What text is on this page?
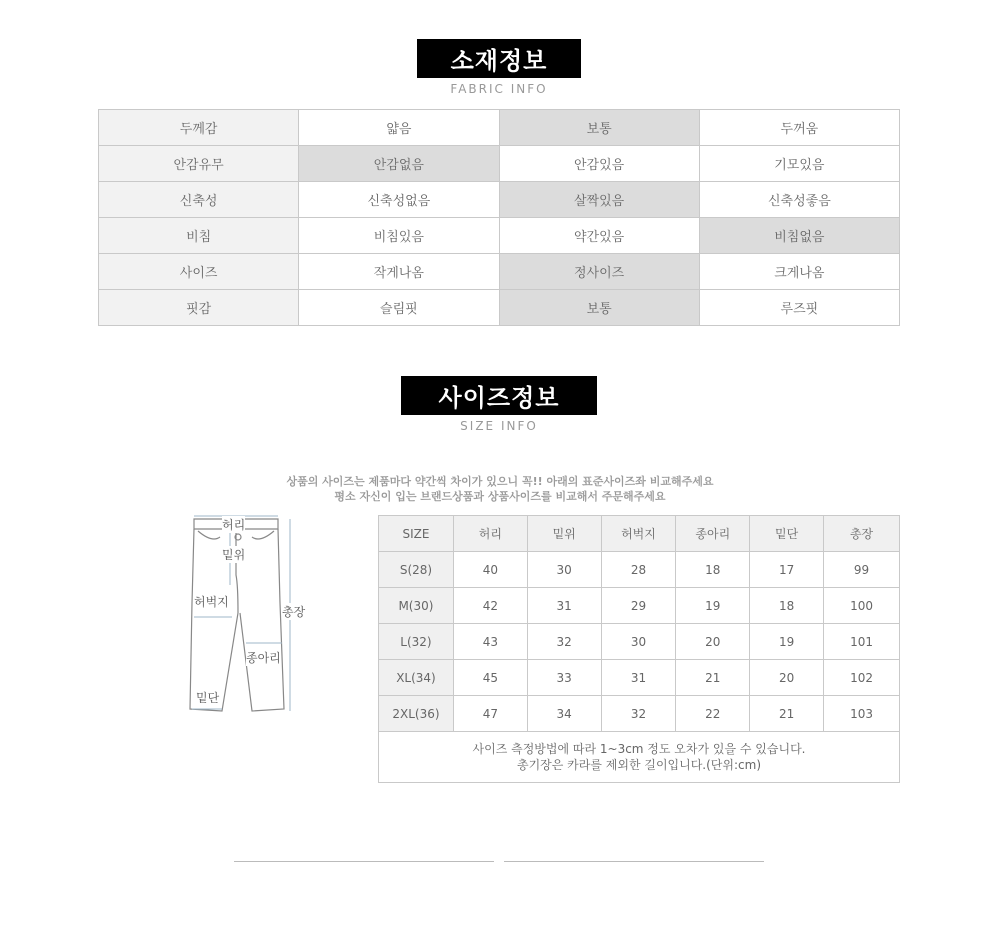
소재정보
FABRIC INFO
두께감	얇음	보통	두꺼움
안감유무	안감없음	안감있음	기모있음
신축성	신축성없음	살짝있음	신축성좋음
비침	비침있음	약간있음	비침없음
사이즈	작게나옴	정사이즈	크게나옴
핏감	슬림핏	보통	루즈핏
사이즈정보
SIZE INFO
상품의 사이즈는 제품마다 약간씩 차이가 있으니 꼭!! 아래의 표준사이즈좌 비교해주세요
평소 자신이 입는 브랜드상품과 상품사이즈를 비교해서 주문해주세요
허리
밑위
허벅지
총장
종아리
밑단
SIZE	허리	밑위	허벅지	종아리	밑단	총장
S(28)	40	30	28	18	17	99
M(30)	42	31	29	19	18	100
L(32)	43	32	30	20	19	101
XL(34)	45	33	31	21	20	102
2XL(36)	47	34	32	22	21	103

사이즈 측정방법에 따라 1~3cm 정도 오차가 있을 수 있습니다.
총기장은 카라를 제외한 길이입니다.(단위:cm)						
